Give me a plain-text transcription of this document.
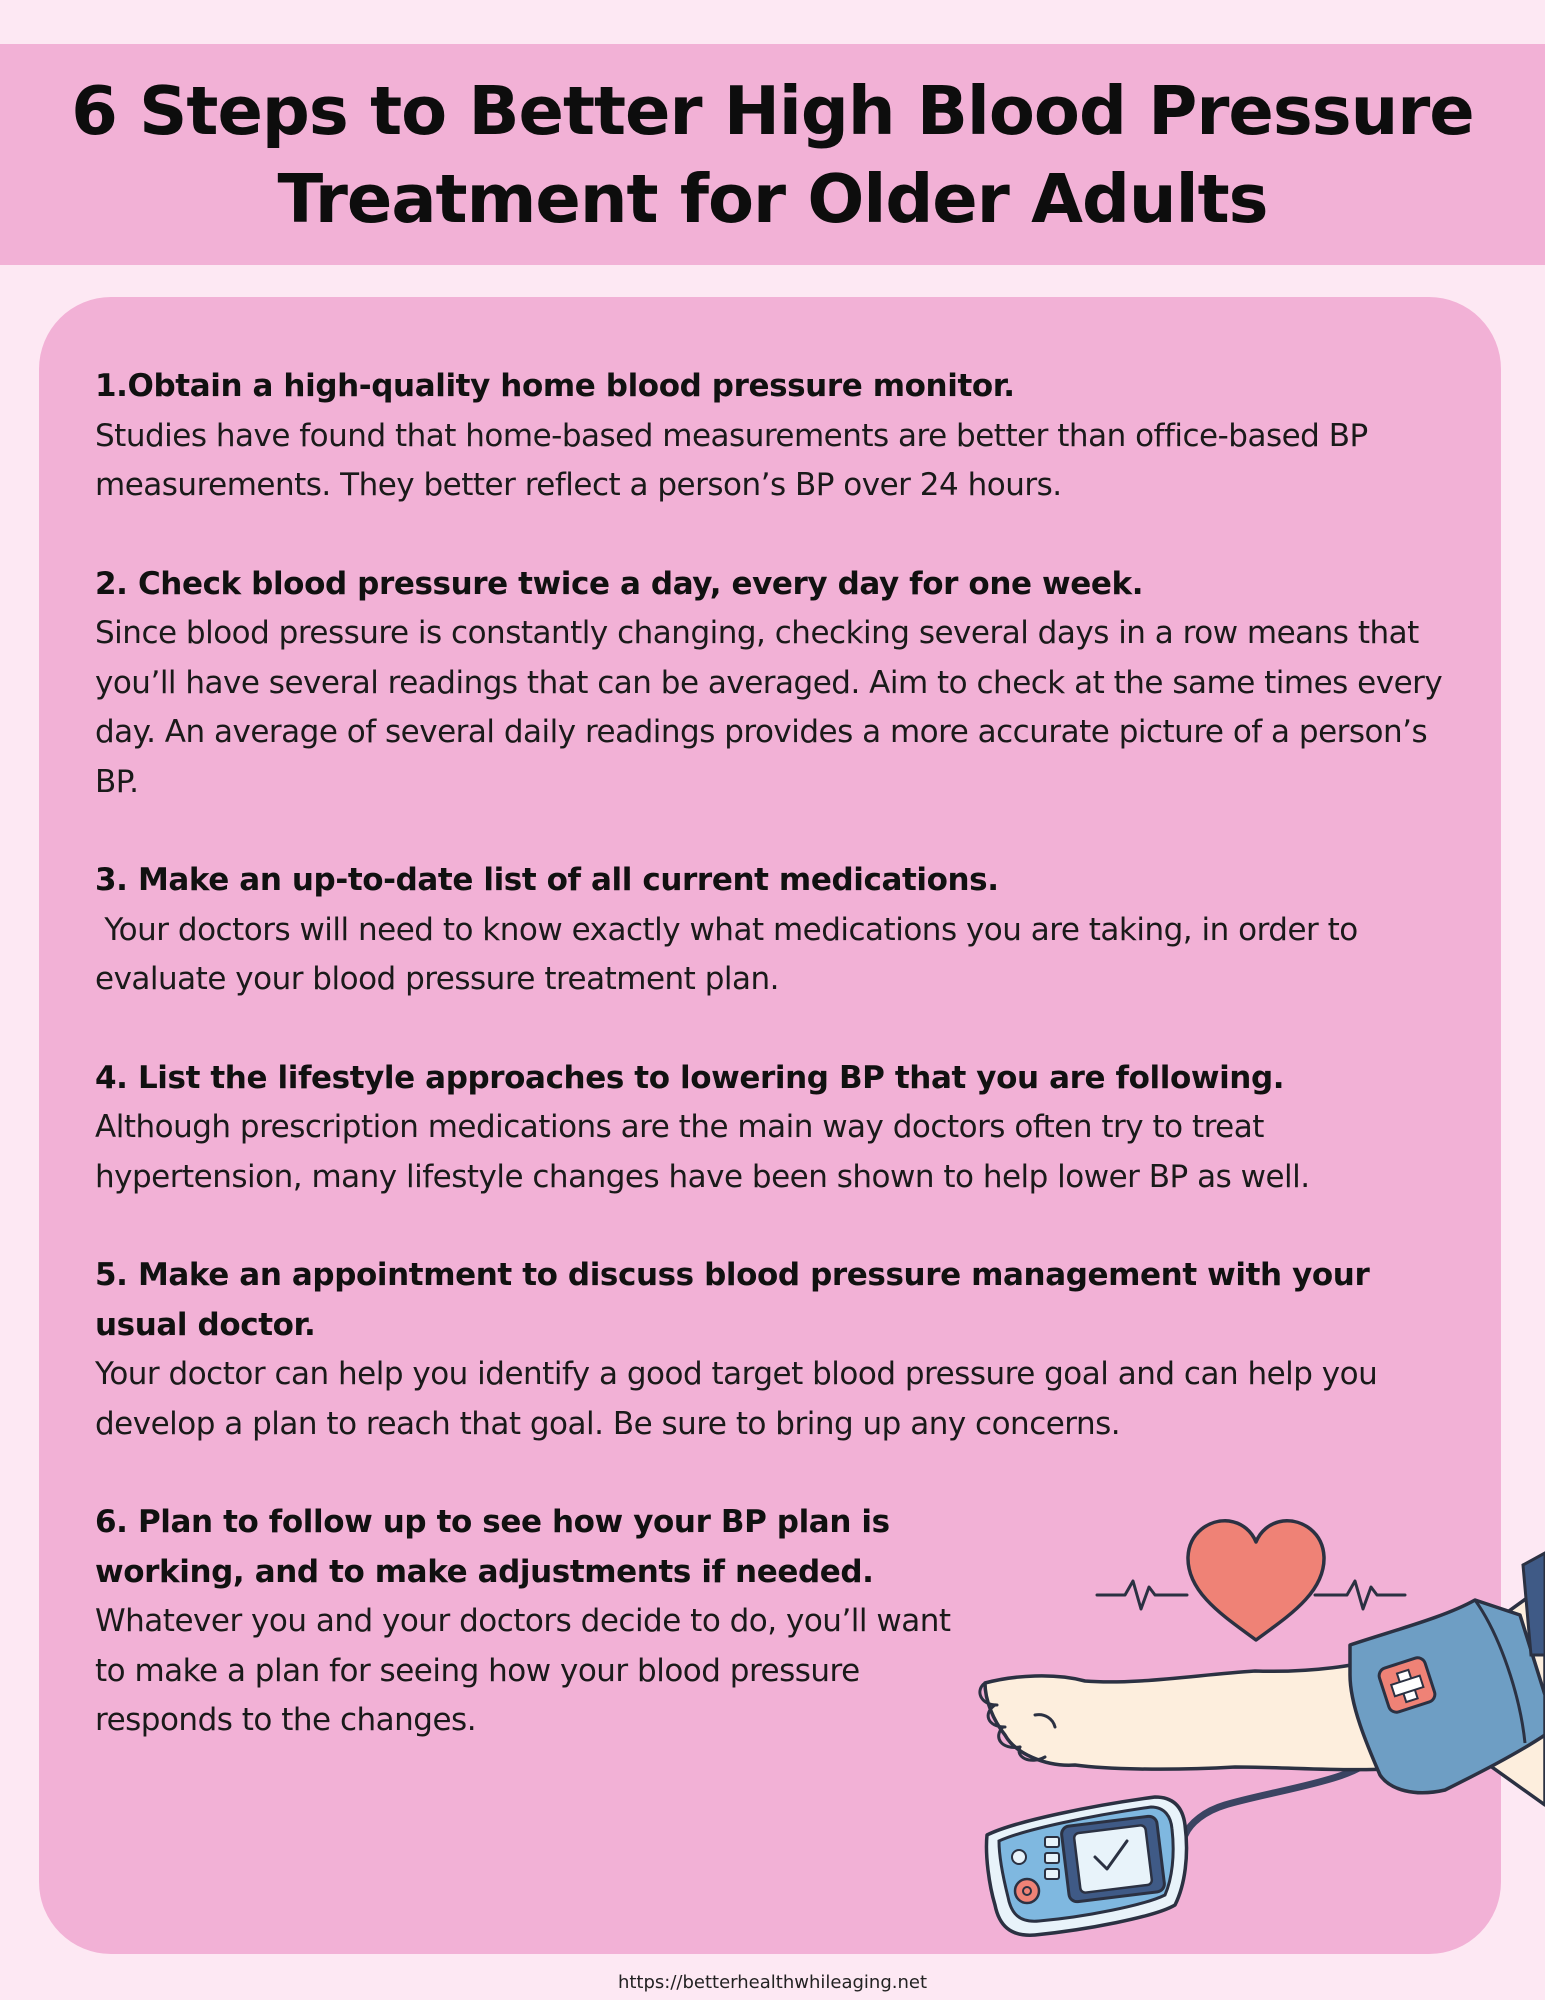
6 Steps to Better High Blood Pressure
Treatment for Older Adults
1.Obtain a high-quality home blood pressure monitor.
Studies have found that home-based measurements are better than office-based BP measurements. They better reflect a person’s BP over 24 hours.
2. Check blood pressure twice a day, every day for one week.
Since blood pressure is constantly changing, checking several days in a row means that you’ll have several readings that can be averaged. Aim to check at the same times every day. An average of several daily readings provides a more accurate picture of a person’s BP.
3. Make an up-to-date list of all current medications.
Your doctors will need to know exactly what medications you are taking, in order to evaluate your blood pressure treatment plan.
4. List the lifestyle approaches to lowering BP that you are following.
Although prescription medications are the main way doctors often try to treat hypertension, many lifestyle changes have been shown to help lower BP as well.
5. Make an appointment to discuss blood pressure management with your usual doctor.
Your doctor can help you identify a good target blood pressure goal and can help you develop a plan to reach that goal. Be sure to bring up any concerns.
6. Plan to follow up to see how your BP plan is working, and to make adjustments if needed.
Whatever you and your doctors decide to do, you’ll want to make a plan for seeing how your blood pressure responds to the changes.
https://betterhealthwhileaging.net
